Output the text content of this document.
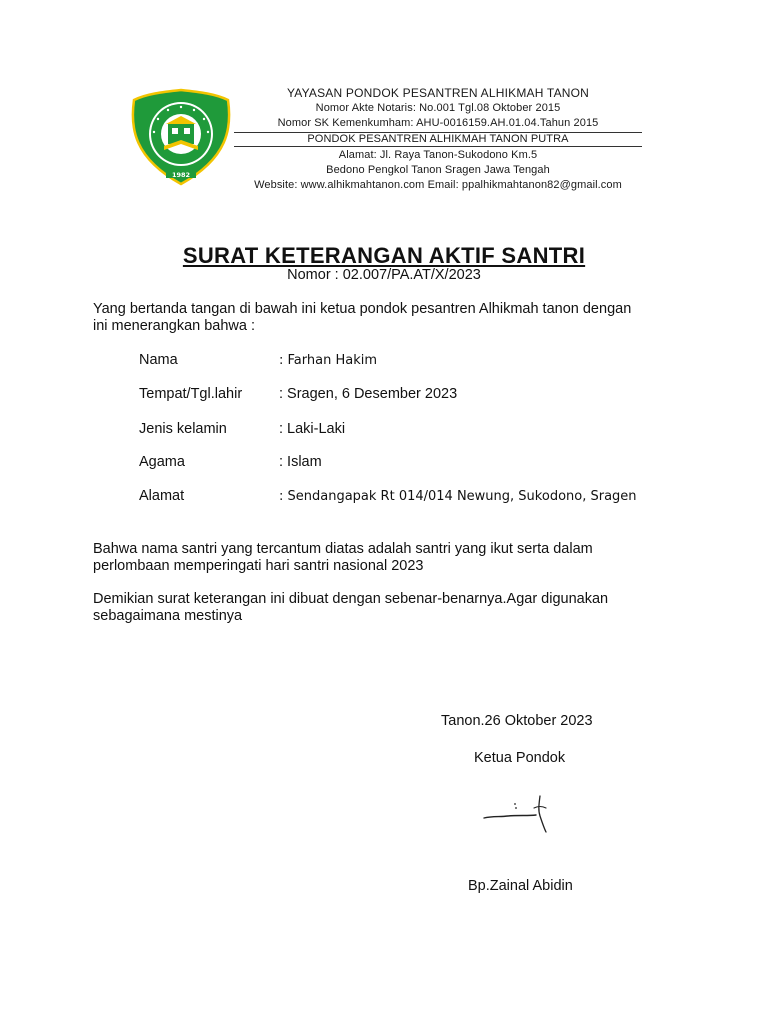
1982
YAYASAN PONDOK PESANTREN ALHIKMAH TANON
Nomor Akte Notaris: No.001 Tgl.08 Oktober 2015
Nomor SK Kemenkumham: AHU-0016159.AH.01.04.Tahun 2015
PONDOK PESANTREN ALHIKMAH TANON PUTRA
Alamat: Jl. Raya Tanon-Sukodono Km.5
Bedono Pengkol Tanon Sragen Jawa Tengah
Website: www.alhikmahtanon.com Email: ppalhikmahtanon82@gmail.com
SURAT KETERANGAN AKTIF SANTRI
Nomor : 02.007/PA.AT/X/2023
Yang bertanda tangan di bawah ini ketua pondok pesantren Alhikmah tanon dengan
ini menerangkan bahwa :
Nama	: Farhan Hakim
Tempat/Tgl.lahir	: Sragen, 6 Desember 2023
Jenis kelamin	: Laki-Laki
Agama	: Islam
Alamat	: Sendangapak Rt 014/014 Newung, Sukodono, Sragen
Bahwa nama santri yang tercantum diatas adalah santri yang ikut serta dalam
perlombaan memperingati hari santri nasional 2023
Demikian surat keterangan ini dibuat dengan sebenar-benarnya.Agar digunakan
sebagaimana mestinya
Tanon.26 Oktober 2023
Ketua Pondok
Bp.Zainal Abidin
